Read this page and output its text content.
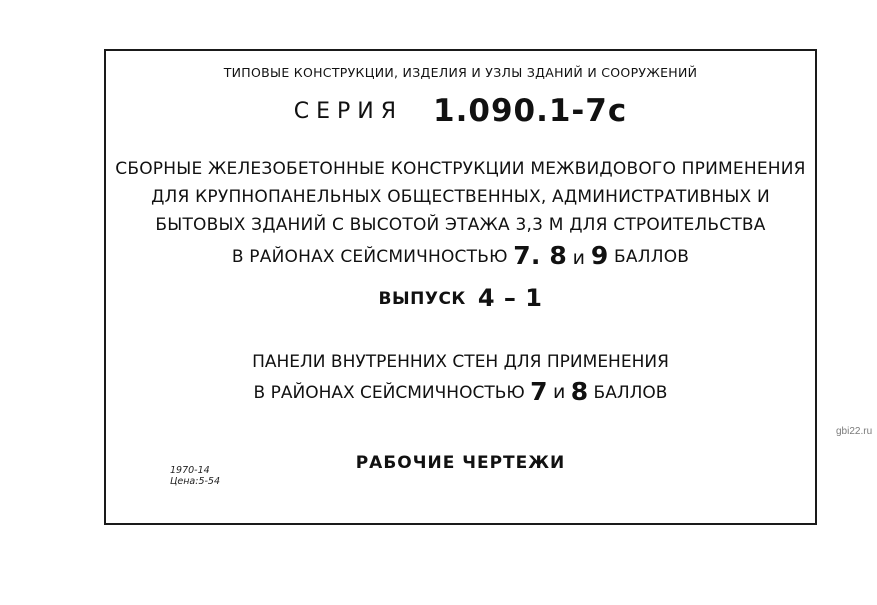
ТИПОВЫЕ КОНСТРУКЦИИ, ИЗДЕЛИЯ И УЗЛЫ ЗДАНИЙ И СООРУЖЕНИЙ
СЕРИЯ 1.090.1-7с
СБОРНЫЕ ЖЕЛЕЗОБЕТОННЫЕ КОНСТРУКЦИИ МЕЖВИДОВОГО ПРИМЕНЕНИЯ
ДЛЯ КРУПНОПАНЕЛЬНЫХ ОБЩЕСТВЕННЫХ, АДМИНИСТРАТИВНЫХ И
БЫТОВЫХ ЗДАНИЙ С ВЫСОТОЙ ЭТАЖА 3,3 М ДЛЯ СТРОИТЕЛЬСТВА
В РАЙОНАХ СЕЙСМИЧНОСТЬЮ 7. 8 и 9 БАЛЛОВ
ВЫПУСК 4 – 1
ПАНЕЛИ ВНУТРЕННИХ СТЕН ДЛЯ ПРИМЕНЕНИЯ
В РАЙОНАХ СЕЙСМИЧНОСТЬЮ 7 и 8 БАЛЛОВ
РАБОЧИЕ ЧЕРТЕЖИ
1970-14
Цена:5-54
gbi22.ru
